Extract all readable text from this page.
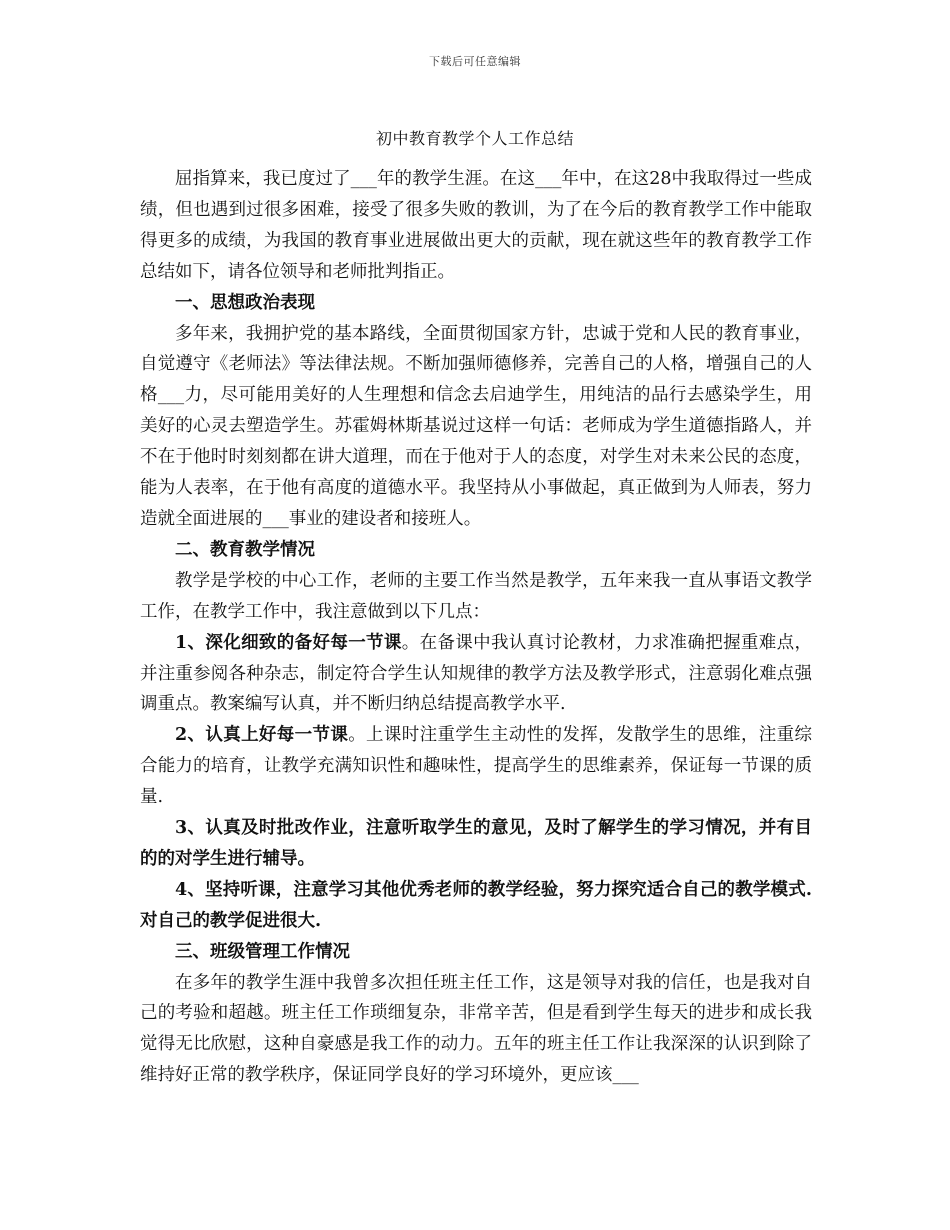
下载后可任意编辑
初中教育教学个人工作总结

屈指算来，我已度过了___年的教学生涯。在这___年中，在这28中我取得过一些成绩，但也遇到过很多困难，接受了很多失败的教训，为了在今后的教育教学工作中能取得更多的成绩，为我国的教育事业进展做出更大的贡献，现在就这些年的教育教学工作总结如下，请各位领导和老师批判指正。

一、思想政治表现

多年来，我拥护党的基本路线，全面贯彻国家方针，忠诚于党和人民的教育事业，自觉遵守《老师法》等法律法规。不断加强师德修养，完善自己的人格，增强自己的人格___力，尽可能用美好的人生理想和信念去启迪学生，用纯洁的品行去感染学生，用美好的心灵去塑造学生。苏霍姆林斯基说过这样一句话：老师成为学生道德指路人，并不在于他时时刻刻都在讲大道理，而在于他对于人的态度，对学生对未来公民的态度，能为人表率，在于他有高度的道德水平。我坚持从小事做起，真正做到为人师表，努力造就全面进展的___事业的建设者和接班人。

二、教育教学情况

教学是学校的中心工作，老师的主要工作当然是教学，五年来我一直从事语文教学工作，在教学工作中，我注意做到以下几点：

1、深化细致的备好每一节课。在备课中我认真讨论教材，力求准确把握重难点，并注重参阅各种杂志，制定符合学生认知规律的教学方法及教学形式，注意弱化难点强调重点。教案编写认真，并不断归纳总结提高教学水平.

2、认真上好每一节课。上课时注重学生主动性的发挥，发散学生的思维，注重综合能力的培育，让教学充满知识性和趣味性，提高学生的思维素养，保证每一节课的质量.

3、认真及时批改作业，注意听取学生的意见，及时了解学生的学习情况，并有目的的对学生进行辅导。

4、坚持听课，注意学习其他优秀老师的教学经验，努力探究适合自己的教学模式.对自己的教学促进很大.

三、班级管理工作情况

在多年的教学生涯中我曾多次担任班主任工作，这是领导对我的信任，也是我对自己的考验和超越。班主任工作琐细复杂，非常辛苦，但是看到学生每天的进步和成长我觉得无比欣慰，这种自豪感是我工作的动力。五年的班主任工作让我深深的认识到除了维持好正常的教学秩序，保证同学良好的学习环境外，更应该___
